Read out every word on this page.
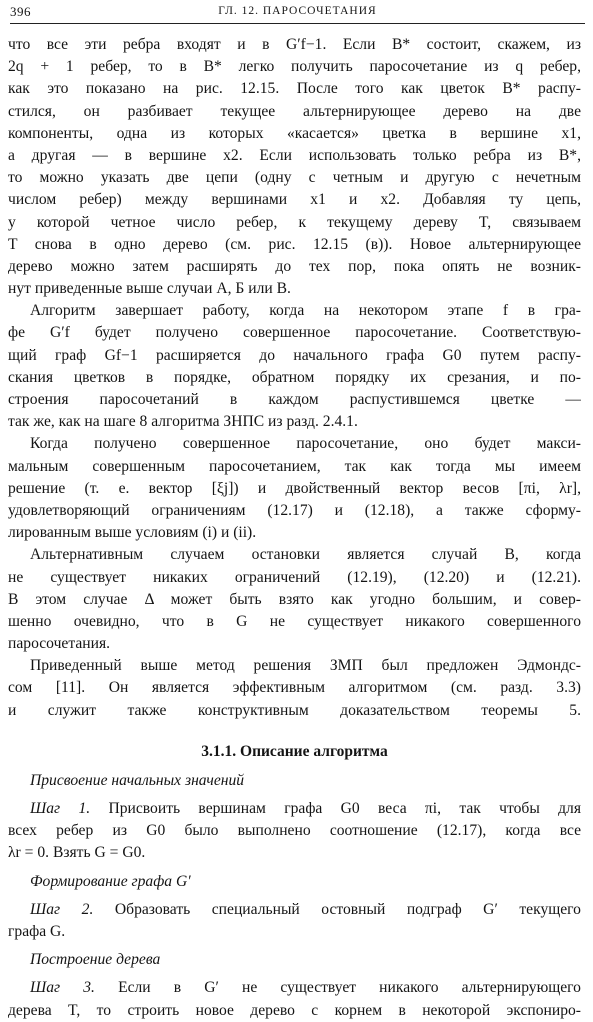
396	ГЛ. 12. ПАРОСОЧЕТАНИЯ
что все эти ребра входят и в G′f−1. Если B* состоит, скажем, из
2q + 1 ребер, то в B* легко получить паросочетание из q ребер,
как это показано на рис. 12.15. После того как цветок B* распу-
стился, он разбивает текущее альтернирующее дерево на две
компоненты, одна из которых «касается» цветка в вершине x1,
а другая — в вершине x2. Если использовать только ребра из B*,
то можно указать две цепи (одну с четным и другую с нечетным
числом ребер) между вершинами x1 и x2. Добавляя ту цепь,
у которой четное число ребер, к текущему дереву T, связываем
T снова в одно дерево (см. рис. 12.15 (в)). Новое альтернирующее
дерево можно затем расширять до тех пор, пока опять не возник-
нут приведенные выше случаи А, Б или В.
Алгоритм завершает работу, когда на некотором этапе f в гра-
фе G′f будет получено совершенное паросочетание. Соответствую-
щий граф Gf−1 расширяется до начального графа G0 путем распу-
скания цветков в порядке, обратном порядку их срезания, и по-
строения паросочетаний в каждом распустившемся цветке —
так же, как на шаге 8 алгоритма ЗНПС из разд. 2.4.1.
Когда получено совершенное паросочетание, оно будет макси-
мальным совершенным паросочетанием, так как тогда мы имеем
решение (т. е. вектор [ξj]) и двойственный вектор весов [πi, λr],
удовлетворяющий ограничениям (12.17) и (12.18), а также сформу-
лированным выше условиям (i) и (ii).
Альтернативным случаем остановки является случай В, когда
не существует никаких ограничений (12.19), (12.20) и (12.21).
В этом случае Δ может быть взято как угодно большим, и совер-
шенно очевидно, что в G не существует никакого совершенного
паросочетания.
Приведенный выше метод решения ЗМП был предложен Эдмондс-
сом [11]. Он является эффективным алгоритмом (см. разд. 3.3)
и служит также конструктивным доказательством теоремы 5.
3.1.1. Описание алгоритма
Присвоение начальных значений
Шаг 1. Присвоить вершинам графа G0 веса πi, так чтобы для
всех ребер из G0 было выполнено соотношение (12.17), когда все
λr = 0. Взять G = G0.
Формирование графа G′
Шаг 2. Образовать специальный остовный подграф G′ текущего
графа G.
Построение дерева
Шаг 3. Если в G′ не существует никакого альтернирующего
дерева T, то строить новое дерево с корнем в некоторой экспониро-
